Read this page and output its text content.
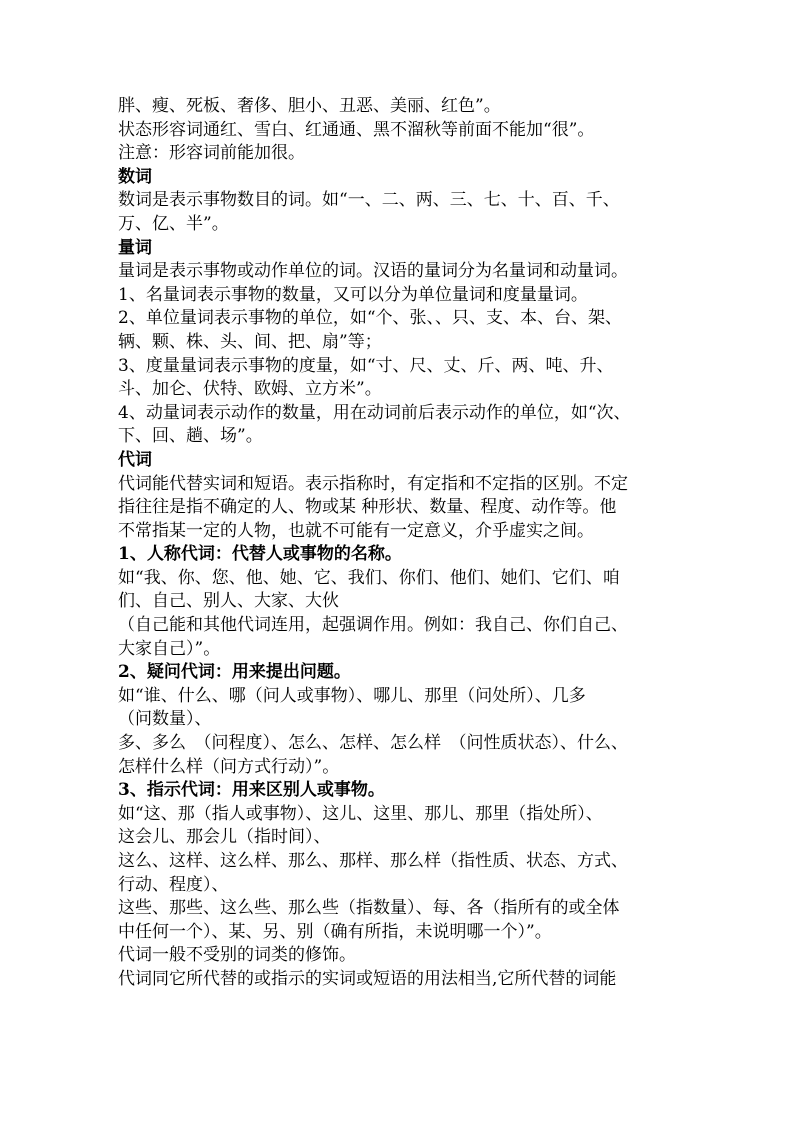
胖、瘦、死板、奢侈、胆小、丑恶、美丽、红色”。
状态形容词通红、雪白、红通通、黑不溜秋等前面不能加“很”。
注意：形容词前能加很。
数词
数词是表示事物数目的词。如“一、二、两、三、七、十、百、千、
万、亿、半”。
量词
量词是表示事物或动作单位的词。汉语的量词分为名量词和动量词。
1、名量词表示事物的数量，又可以分为单位量词和度量量词。
2、单位量词表示事物的单位，如“个、张、、只、支、本、台、架、
辆、颗、株、头、间、把、扇”等；
3、度量量词表示事物的度量，如“寸、尺、丈、斤、两、吨、升、
斗、加仑、伏特、欧姆、立方米”。
4、动量词表示动作的数量，用在动词前后表示动作的单位，如“次、
下、回、趟、场”。
代词
代词能代替实词和短语。表示指称时，有定指和不定指的区别。不定
指往往是指不确定的人、物或某 种形状、数量、程度、动作等。他
不常指某一定的人物，也就不可能有一定意义，介乎虚实之间。
1、人称代词：代替人或事物的名称。
如“我、你、您、他、她、它、我们、你们、他们、她们、它们、咱
们、自己、别人、大家、大伙
（自己能和其他代词连用，起强调作用。例如：我自己、你们自己、
大家自己）”。
2、疑问代词：用来提出问题。
如“谁、什么、哪（问人或事物）、哪儿、那里（问处所）、几多
（问数量）、
多、多么　（问程度）、怎么、怎样、怎么样　（问性质状态）、什么、
怎样什么样（问方式行动）”。
3、指示代词：用来区别人或事物。
如“这、那（指人或事物）、这儿、这里、那儿、那里（指处所）、
这会儿、那会儿（指时间）、
这么、这样、这么样、那么、那样、那么样（指性质、状态、方式、
行动、程度）、
这些、那些、这么些、那么些（指数量）、每、各（指所有的或全体
中任何一个）、某、另、别（确有所指，未说明哪一个）”。
代词一般不受别的词类的修饰。
代词同它所代替的或指示的实词或短语的用法相当,它所代替的词能
